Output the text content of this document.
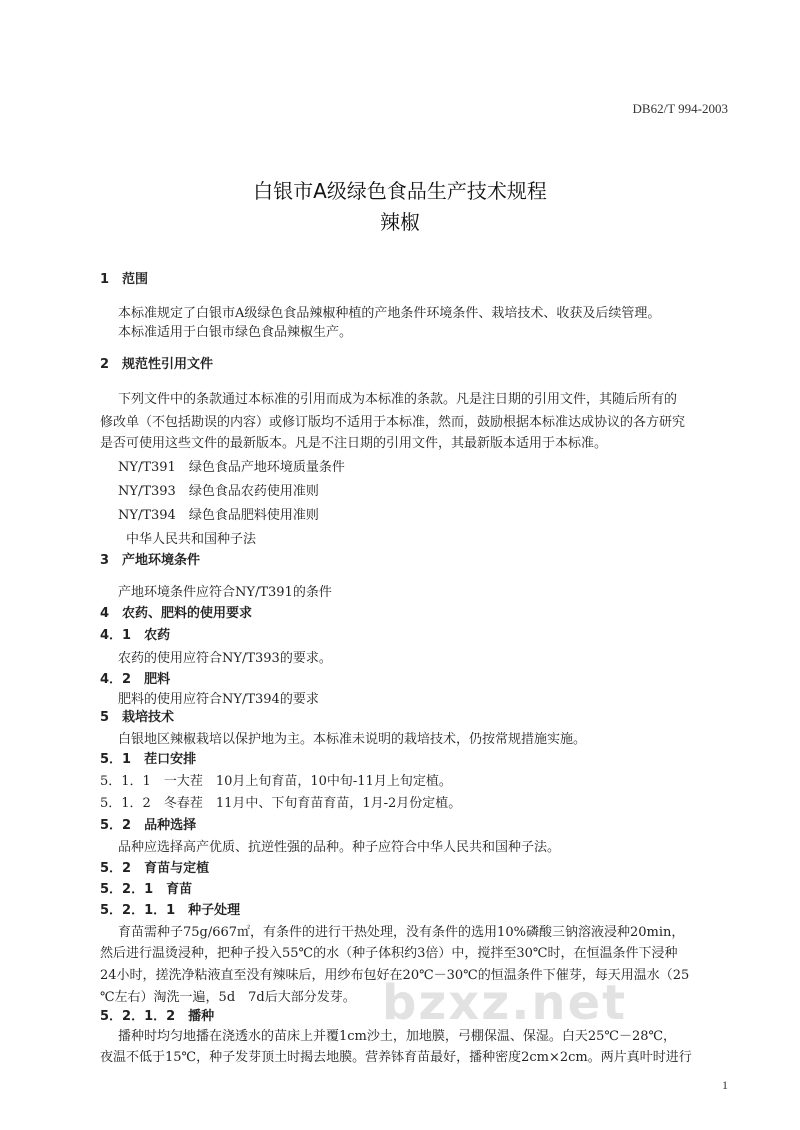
DB62/T 994-2003
白银市A级绿色食品生产技术规程
辣椒
1　范围
本标准规定了白银市A级绿色食品辣椒种植的产地条件环境条件、栽培技术、收获及后续管理。
本标准适用于白银市绿色食品辣椒生产。
2　规范性引用文件
下列文件中的条款通过本标准的引用而成为本标准的条款。凡是注日期的引用文件，其随后所有的
修改单（不包括勘误的内容）或修订版均不适用于本标准，然而，鼓励根据本标准达成协议的各方研究
是否可使用这些文件的最新版本。凡是不注日期的引用文件，其最新版本适用于本标准。
NY/T391　绿色食品产地环境质量条件
NY/T393　绿色食品农药使用准则
NY/T394　绿色食品肥料使用准则
中华人民共和国种子法
3　产地环境条件
产地环境条件应符合NY/T391的条件
4　农药、肥料的使用要求
4．1　农药
农药的使用应符合NY/T393的要求。
4．2　肥料
肥料的使用应符合NY/T394的要求
5　栽培技术
白银地区辣椒栽培以保护地为主。本标准未说明的栽培技术，仍按常规措施实施。
5．1　茬口安排
5．1．1　一大茬　10月上旬育苗，10中旬-11月上旬定植。
5．1．2　冬春茬　11月中、下旬育苗育苗，1月-2月份定植。
5．2　品种选择
品种应选择高产优质、抗逆性强的品种。种子应符合中华人民共和国种子法。
5．2　育苗与定植
5．2．1　育苗
5．2．1．1　种子处理
育苗需种子75g/667㎡，有条件的进行干热处理，没有条件的选用10%磷酸三钠溶液浸种20min，
然后进行温烫浸种，把种子投入55℃的水（种子体积约3倍）中，搅拌至30℃时，在恒温条件下浸种
24小时，搓洗净粘液直至没有辣味后，用纱布包好在20℃－30℃的恒温条件下催芽，每天用温水（25
℃左右）淘洗一遍，5d　7d后大部分发芽。
5．2．1．2　播种
播种时均匀地播在浇透水的苗床上并覆1cm沙土，加地膜，弓棚保温、保湿。白天25℃－28℃，
夜温不低于15℃，种子发芽顶土时揭去地膜。营养钵育苗最好，播种密度2cm×2cm。两片真叶时进行
bzxz.net
1
